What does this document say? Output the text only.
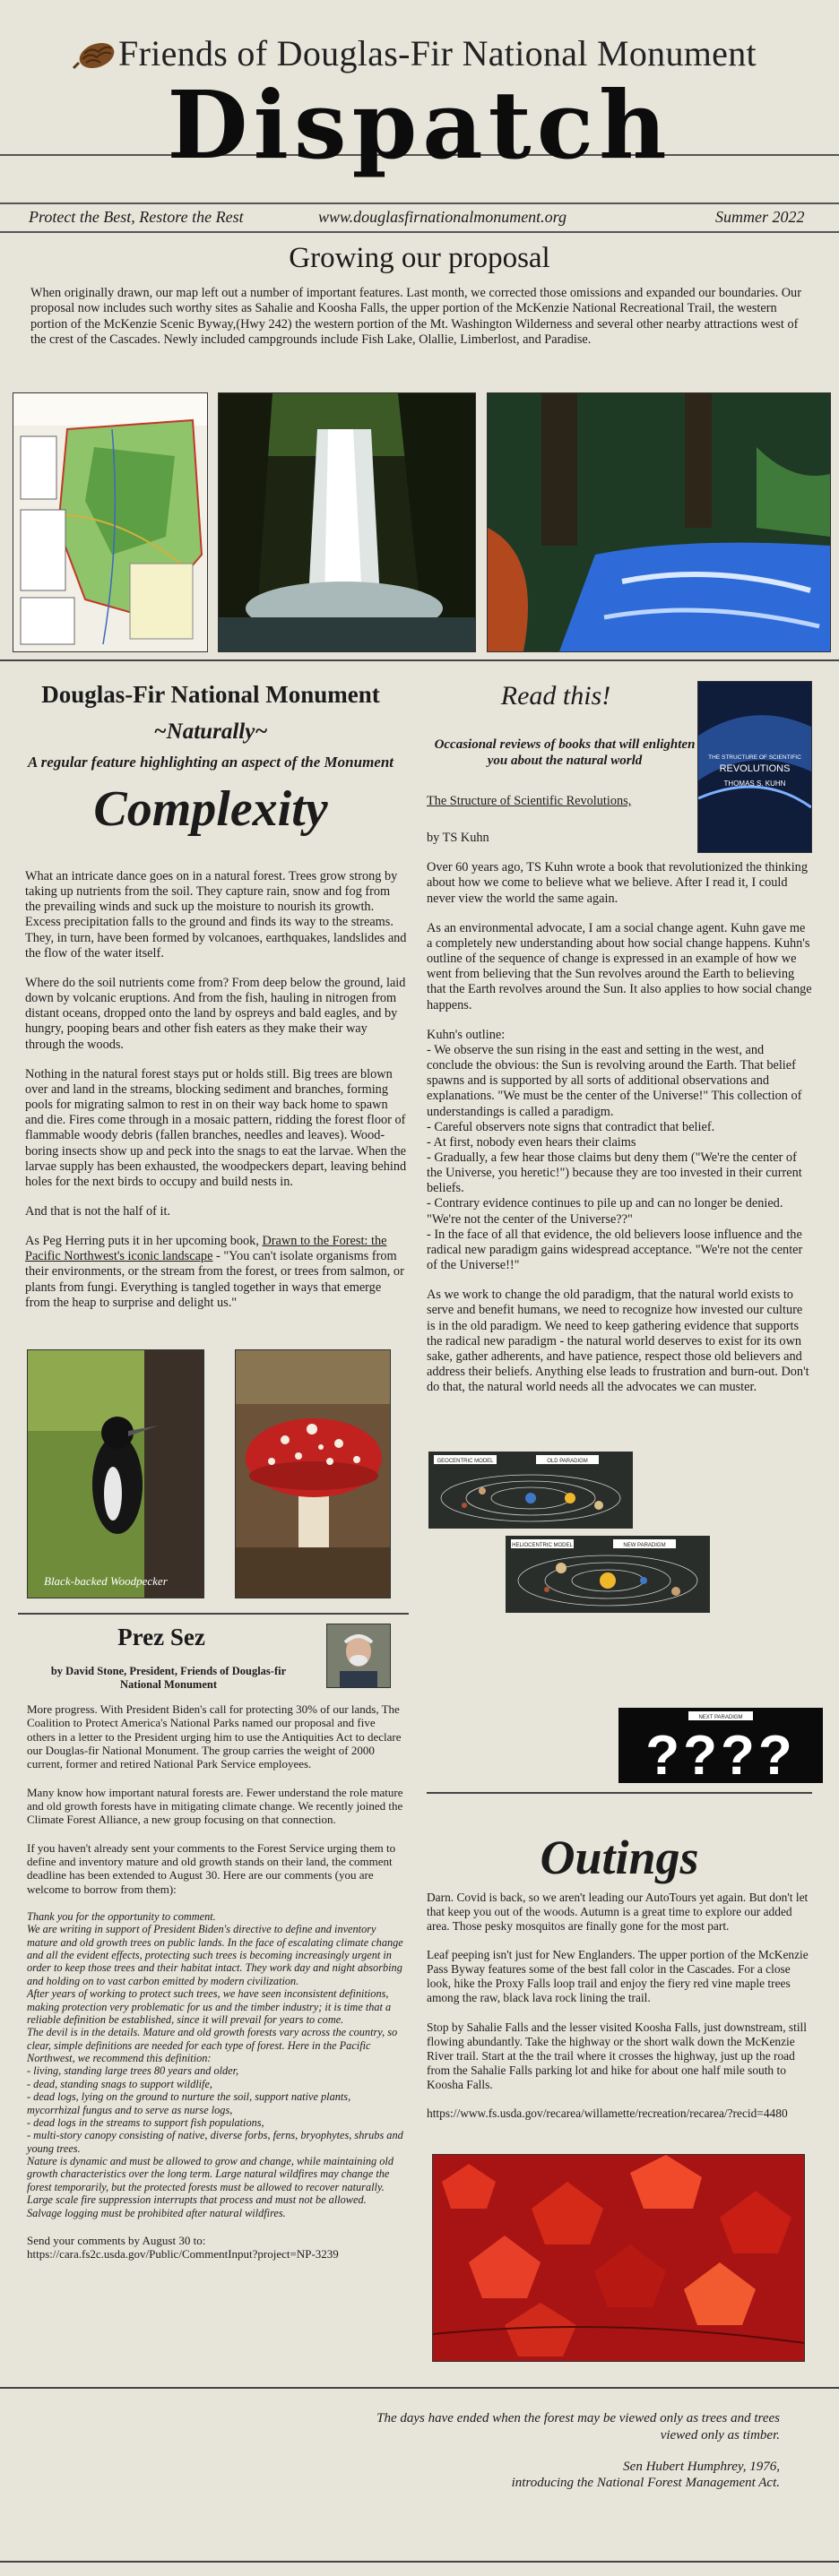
Friends of Douglas-Fir National Monument
Dispatch
Protect the Best, Restore the Rest	www.douglasfirnationalmonument.org	Summer 2022
Growing our proposal
When originally drawn, our map left out a number of important features. Last month, we corrected those omissions and expanded our boundaries. Our proposal now includes such worthy sites as Sahalie and Koosha Falls, the upper portion of the McKenzie National Recreational Trail, the western portion of the McKenzie Scenic Byway,(Hwy 242) the western portion of the Mt. Washington Wilderness and several other nearby attractions west of the crest of the Cascades. Newly included campgrounds include Fish Lake, Olallie, Limberlost, and Paradise.
Douglas-Fir National Monument
~Naturally~
A regular feature highlighting an aspect of the Monument
Complexity

What an intricate dance goes on in a natural forest. Trees grow strong by taking up nutrients from the soil. They capture rain, snow and fog from the prevailing winds and suck up the moisture to nourish its growth. Excess precipitation falls to the ground and finds its way to the streams. They, in turn, have been formed by volcanoes, earthquakes, landslides and the flow of the water itself.

Where do the soil nutrients come from? From deep below the ground, laid down by volcanic eruptions. And from the fish, hauling in nitrogen from distant oceans, dropped onto the land by ospreys and bald eagles, and by hungry, pooping bears and other fish eaters as they make their way through the woods.

Nothing in the natural forest stays put or holds still. Big trees are blown over and land in the streams, blocking sediment and branches, forming pools for migrating salmon to rest in on their way back home to spawn and die. Fires come through in a mosaic pattern, ridding the forest floor of flammable woody debris (fallen branches, needles and leaves). Wood-boring insects show up and peck into the snags to eat the larvae. When the larvae supply has been exhausted, the woodpeckers depart, leaving behind holes for the next birds to occupy and build nests in.

And that is not the half of it.

As Peg Herring puts it in her upcoming book, Drawn to the Forest: the Pacific Northwest's iconic landscape - "You can't isolate organisms from their environments, or the stream from the forest, or trees from salmon, or plants from fungi. Everything is tangled together in ways that emerge from the heap to surprise and delight us."

Black-backed Woodpecker
Prez Sez
by David Stone, President, Friends of Douglas-fir National Monument

More progress. With President Biden's call for protecting 30% of our lands, The Coalition to Protect America's National Parks named our proposal and five others in a letter to the President urging him to use the Antiquities Act to declare our Douglas-fir National Monument. The group carries the weight of 2000 current, former and retired National Park Service employees.

Many know how important natural forests are. Fewer understand the role mature and old growth forests have in mitigating climate change. We recently joined the Climate Forest Alliance, a new group focusing on that connection.

If you haven't already sent your comments to the Forest Service urging them to define and inventory mature and old growth stands on their land, the comment deadline has been extended to August 30. Here are our comments (you are welcome to borrow from them):

Thank you for the opportunity to comment.
We are writing in support of President Biden's directive to define and inventory mature and old growth trees on public lands. In the face of escalating climate change and all the evident effects, protecting such trees is becoming increasingly urgent in order to keep those trees and their habitat intact. They work day and night absorbing and holding on to vast carbon emitted by modern civilization.
After years of working to protect such trees, we have seen inconsistent definitions, making protection very problematic for us and the timber industry; it is time that a reliable definition be established, since it will prevail for years to come.
The devil is in the details. Mature and old growth forests vary across the country, so clear, simple definitions are needed for each type of forest. Here in the Pacific Northwest, we recommend this definition:
- living, standing large trees 80 years and older,
- dead, standing snags to support wildlife,
- dead logs, lying on the ground to nurture the soil, support native plants, mycorrhizal fungus and to serve as nurse logs,
- dead logs in the streams to support fish populations,
- multi-story canopy consisting of native, diverse forbs, ferns, bryophytes, shrubs and young trees.
Nature is dynamic and must be allowed to grow and change, while maintaining old growth characteristics over the long term. Large natural wildfires may change the forest temporarily, but the protected forests must be allowed to recover naturally. Large scale fire suppression interrupts that process and must not be allowed. Salvage logging must be prohibited after natural wildfires.
Send your comments by August 30 to:
https://cara.fs2c.usda.gov/Public/CommentInput?project=NP-3239
Read this!
Occasional reviews of books that will enlighten you about the natural world	THE STRUCTURE OF SCIENTIFIC
REVOLUTIONS
THOMAS S. KUHN

The Structure of Scientific Revolutions,

by TS Kuhn

Over 60 years ago, TS Kuhn wrote a book that revolutionized the thinking about how we come to believe what we believe. After I read it, I could never view the world the same again.

As an environmental advocate, I am a social change agent. Kuhn gave me a completely new understanding about how social change happens. Kuhn's outline of the sequence of change is expressed in an example of how we went from believing that the Sun revolves around the Earth to believing that the Earth revolves around the Sun. It also applies to how social change happens.

Kuhn's outline:
- We observe the sun rising in the east and setting in the west, and conclude the obvious: the Sun is revolving around the Earth. That belief spawns and is supported by all sorts of additional observations and explanations. "We must be the center of the Universe!" This collection of understandings is called a paradigm.
- Careful observers note signs that contradict that belief.
- At first, nobody even hears their claims
- Gradually, a few hear those claims but deny them ("We're the center of the Universe, you heretic!") because they are too invested in their current beliefs.
- Contrary evidence continues to pile up and can no longer be denied. "We're not the center of the Universe??"
- In the face of all that evidence, the old believers loose influence and the radical new paradigm gains widespread acceptance. "We're not the center of the Universe!!"

As we work to change the old paradigm, that the natural world exists to serve and benefit humans, we need to recognize how invested our culture is in the old paradigm. We need to keep gathering evidence that supports the radical new paradigm - the natural world deserves to exist for its own sake, gather adherents, and have patience, respect those old believers and address their beliefs. Anything else leads to frustration and burn-out. Don't do that, the natural world needs all the advocates we can muster.

GEOCENTRIC MODEL	OLD PARADIGM
HELIOCENTRIC MODEL	NEW PARADIGM
NEXT PARADIGM
????
Outings

Darn. Covid is back, so we aren't leading our AutoTours yet again. But don't let that keep you out of the woods. Autumn is a great time to explore our added area. Those pesky mosquitos are finally gone for the most part.

Leaf peeping isn't just for New Englanders. The upper portion of the McKenzie Pass Byway features some of the best fall color in the Cascades. For a close look, hike the Proxy Falls loop trail and enjoy the fiery red vine maple trees among the raw, black lava rock lining the trail.

Stop by Sahalie Falls and the lesser visited Koosha Falls, just downstream, still flowing abundantly. Take the highway or the short walk down the McKenzie River trail. Start at the the trail where it crosses the highway, just up the road from the Sahalie Falls parking lot and hike for about one half mile south to Koosha Falls.

https://www.fs.usda.gov/recarea/willamette/recreation/recarea/?recid=4480

The days have ended when the forest may be viewed only as trees and trees viewed only as timber.
Sen Hubert Humphrey, 1976,
introducing the National Forest Management Act.
